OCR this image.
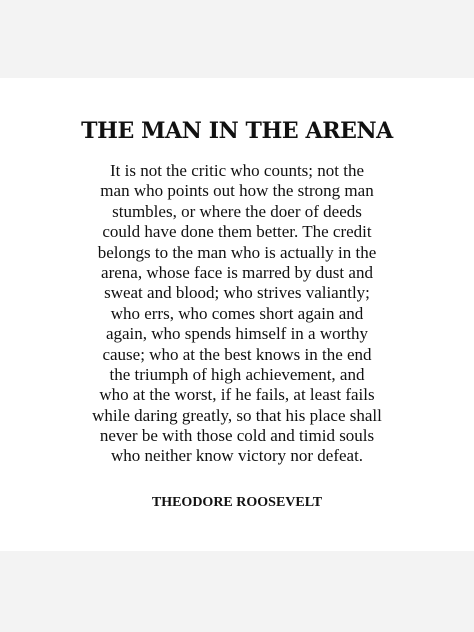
THE MAN IN THE ARENA
It is not the critic who counts; not the
man who points out how the strong man
stumbles, or where the doer of deeds
could have done them better. The credit
belongs to the man who is actually in the
arena, whose face is marred by dust and
sweat and blood; who strives valiantly;
who errs, who comes short again and
again, who spends himself in a worthy
cause; who at the best knows in the end
the triumph of high achievement, and
who at the worst, if he fails, at least fails
while daring greatly, so that his place shall
never be with those cold and timid souls
who neither know victory nor defeat.

THEODORE ROOSEVELT
